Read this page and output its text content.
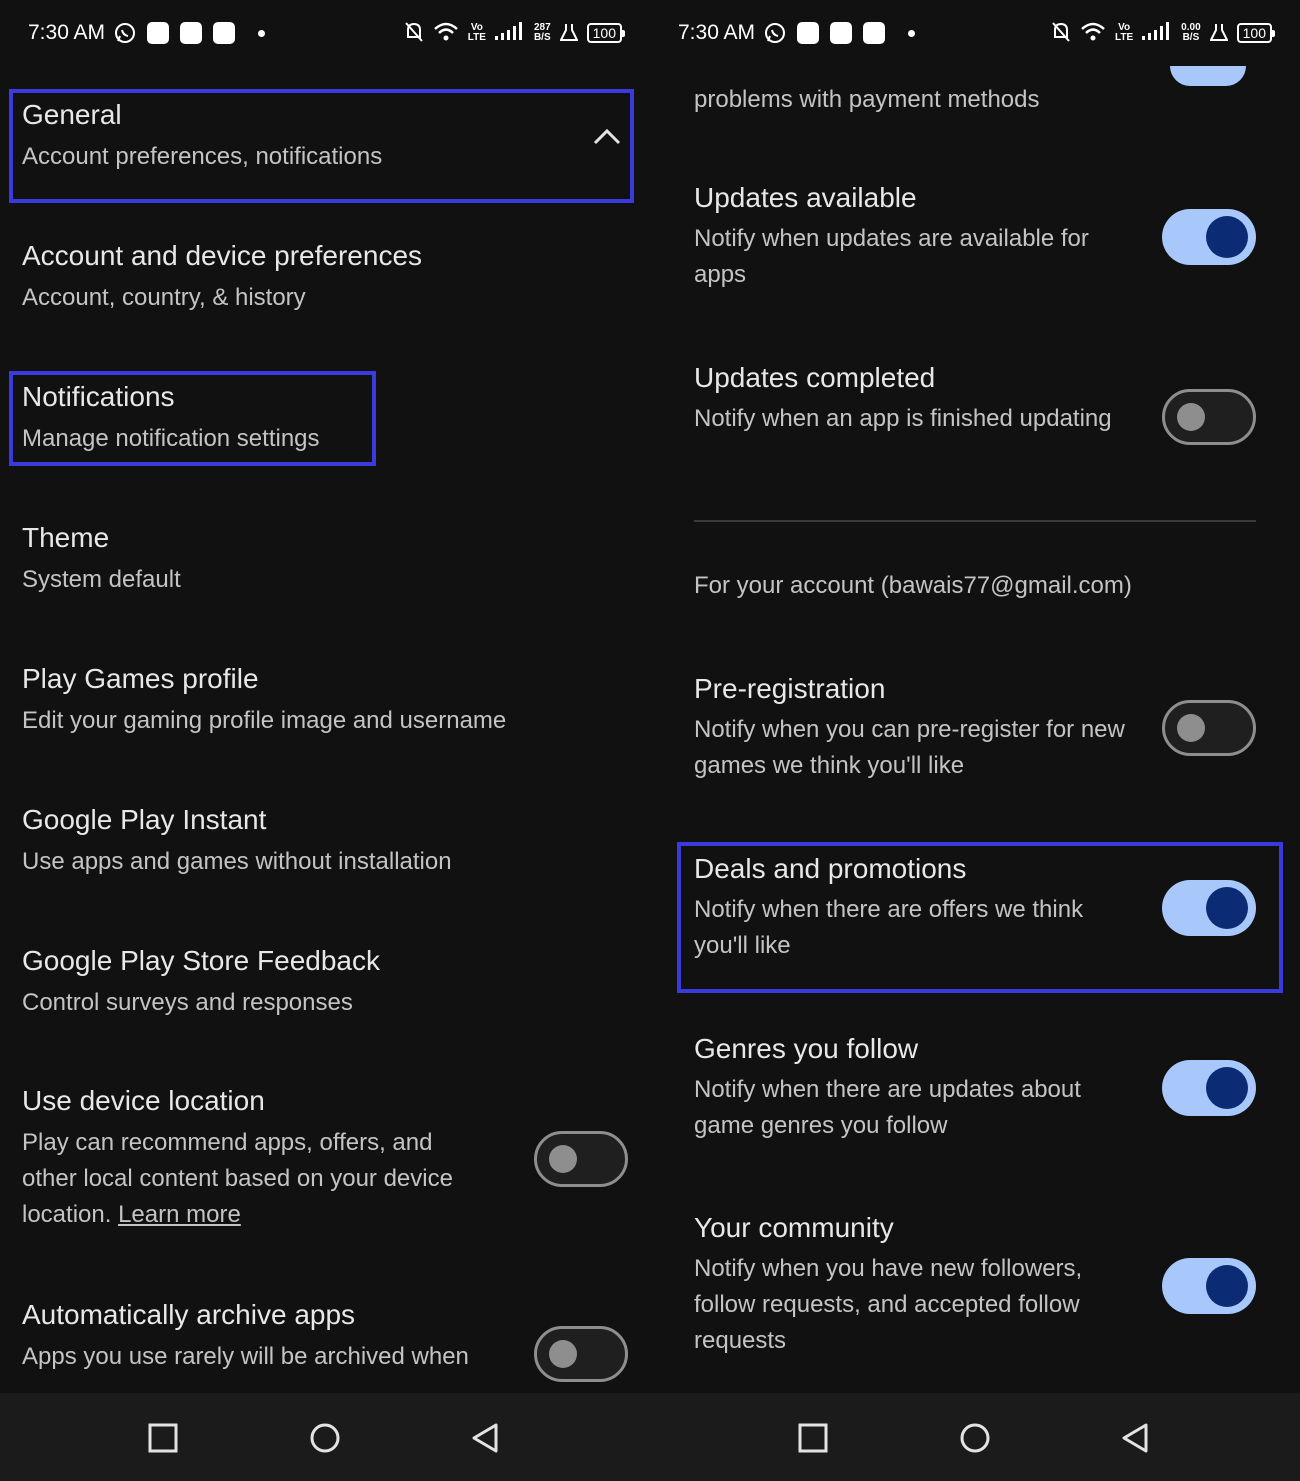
7:30 AM	Vo
LTE
287
B/S	100
General
Account preferences, notifications
Account and device preferences
Account, country, & history
Notifications
Manage notification settings
Theme
System default
Play Games profile
Edit your gaming profile image and username
Google Play Instant
Use apps and games without installation
Google Play Store Feedback
Control surveys and responses
Use device location
Play can recommend apps, offers, and
other local content based on your device
location. Learn more
Automatically archive apps
Apps you use rarely will be archived when
7:30 AM	Vo
LTE
0.00
B/S	100
problems with payment methods
Updates available
Notify when updates are available for apps
Updates completed
Notify when an app is finished updating
For your account (bawais77@gmail.com)
Pre-registration
Notify when you can pre-register for new games we think you'll like
Deals and promotions
Notify when there are offers we think you'll like
Genres you follow
Notify when there are updates about game genres you follow
Your community
Notify when you have new followers, follow requests, and accepted follow requests
